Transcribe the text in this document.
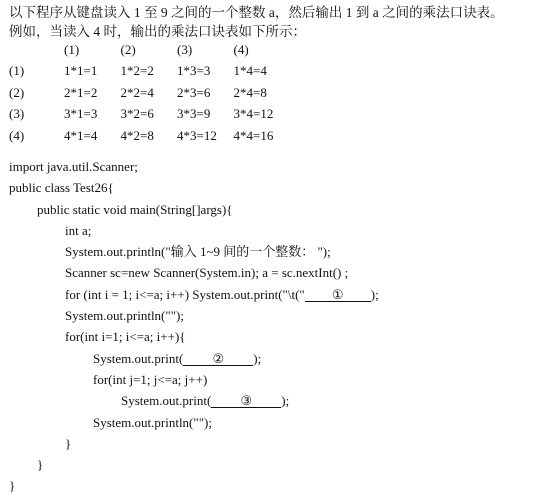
以下程序从键盘读入 1 至 9 之间的一个整数 a，然后输出 1 到 a 之间的乘法口诀表。
例如，当读入 4 时，输出的乘法口诀表如下所示：
	(1)	(2)	(3)	(4)
(1)	1*1=1	1*2=2	1*3=3	1*4=4
(2)	2*1=2	2*2=4	2*3=6	2*4=8
(3)	3*1=3	3*2=6	3*3=9	3*4=12
(4)	4*1=4	4*2=8	4*3=12	4*4=16
import java.util.Scanner;
public class Test26{
public static void main(String[]args){
int a;
System.out.println("输入 1~9 间的一个整数： ");
Scanner sc=new Scanner(System.in); a = sc.nextInt() ;
for (int i = 1; i<=a; i++) System.out.print("\t(" ① );
System.out.println("");
for(int i=1; i<=a; i++){
System.out.print( ② );
for(int j=1; j<=a; j++)
System.out.print( ③ );
System.out.println("");
}
}
}
